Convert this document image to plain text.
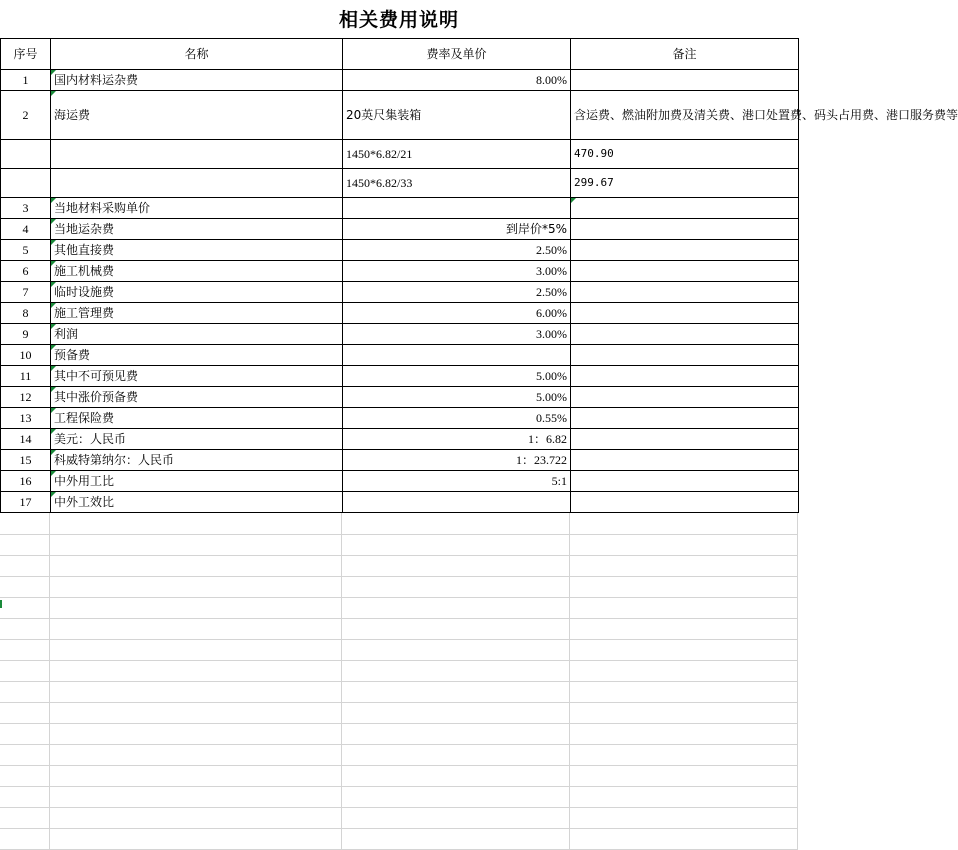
相关费用说明
序号	名称	费率及单价	备注
1	国内材料运杂费	8.00%	
2	海运费	20英尺集装箱	含运费、燃油附加费及清关费、港口处置费、码头占用费、港口服务费等
		1450*6.82/21	470.90
		1450*6.82/33	299.67
3	当地材料采购单价		
4	当地运杂费	到岸价*5%	
5	其他直接费	2.50%	
6	施工机械费	3.00%	
7	临时设施费	2.50%	
8	施工管理费	6.00%	
9	利润	3.00%	
10	预备费		
11	其中不可预见费	5.00%	
12	其中涨价预备费	5.00%	
13	工程保险费	0.55%	
14	美元：人民币	1：6.82	
15	科威特第纳尔：人民币	1：23.722	
16	中外用工比	5:1	
17	中外工效比		
